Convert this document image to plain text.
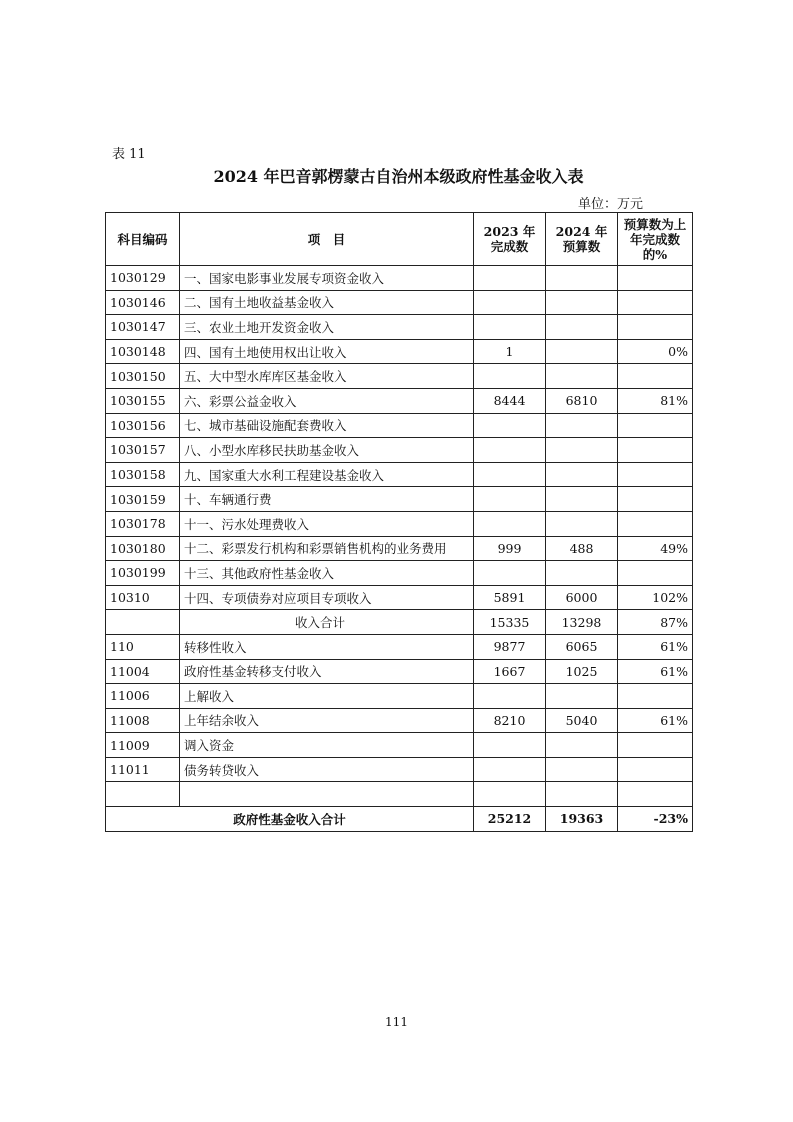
表 11
2024 年巴音郭楞蒙古自治州本级政府性基金收入表
单位：万元
科目编码	项　目	2023 年完成数	2024 年预算数	预算数为上年完成数的%
1030129	一、国家电影事业发展专项资金收入			
1030146	二、国有土地收益基金收入			
1030147	三、农业土地开发资金收入			
1030148	四、国有土地使用权出让收入	1		0%
1030150	五、大中型水库库区基金收入			
1030155	六、彩票公益金收入	8444	6810	81%
1030156	七、城市基础设施配套费收入			
1030157	八、小型水库移民扶助基金收入			
1030158	九、国家重大水利工程建设基金收入			
1030159	十、车辆通行费			
1030178	十一、污水处理费收入			
1030180	十二、彩票发行机构和彩票销售机构的业务费用	999	488	49%
1030199	十三、其他政府性基金收入			
10310	十四、专项债券对应项目专项收入	5891	6000	102%
	收入合计	15335	13298	87%
110	转移性收入	9877	6065	61%
11004	政府性基金转移支付收入	1667	1025	61%
11006	上解收入			
11008	上年结余收入	8210	5040	61%
11009	调入资金			
11011	债务转贷收入			

政府性基金收入合计		25212	19363	-23%
111
